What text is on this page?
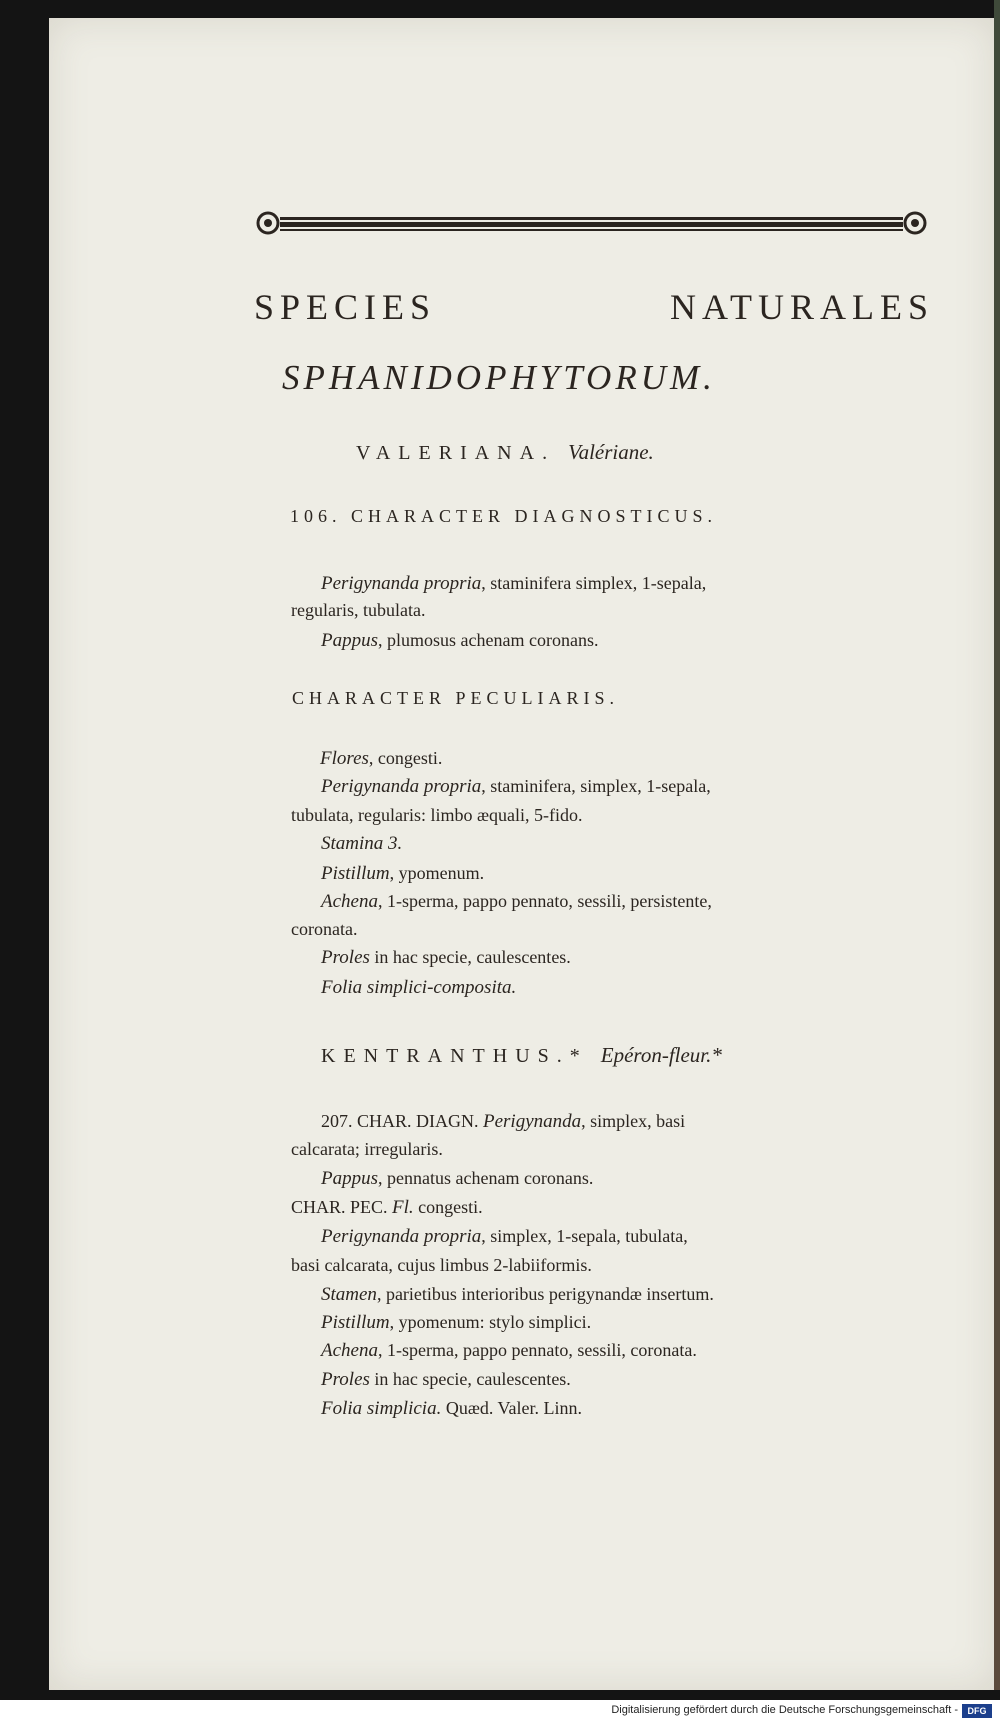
SPECIES	NATURALES
SPHANIDOPHYTORUM.
VALERIANA. Valériane.
106. CHARACTER DIAGNOSTICUS.
Perigynanda propria, staminifera simplex, 1-sepala,
regularis, tubulata.
Pappus, plumosus achenam coronans.
CHARACTER PECULIARIS.
Flores, congesti.
Perigynanda propria, staminifera, simplex, 1-sepala,
tubulata, regularis: limbo æquali, 5-fido.
Stamina 3.
Pistillum, ypomenum.
Achena, 1-sperma, pappo pennato, sessili, persistente,
coronata.
Proles in hac specie, caulescentes.
Folia simplici-composita.
KENTRANTHUS.* Epéron-fleur.*
207. CHAR. DIAGN. Perigynanda, simplex, basi
calcarata; irregularis.
Pappus, pennatus achenam coronans.
CHAR. PEC. Fl. congesti.
Perigynanda propria, simplex, 1-sepala, tubulata,
basi calcarata, cujus limbus 2-labiiformis.
Stamen, parietibus interioribus perigynandæ insertum.
Pistillum, ypomenum: stylo simplici.
Achena, 1-sperma, pappo pennato, sessili, coronata.
Proles in hac specie, caulescentes.
Folia simplicia. Quæd. Valer. Linn.
Digitalisierung gefördert durch die Deutsche Forschungsgemeinschaft -	DFG
